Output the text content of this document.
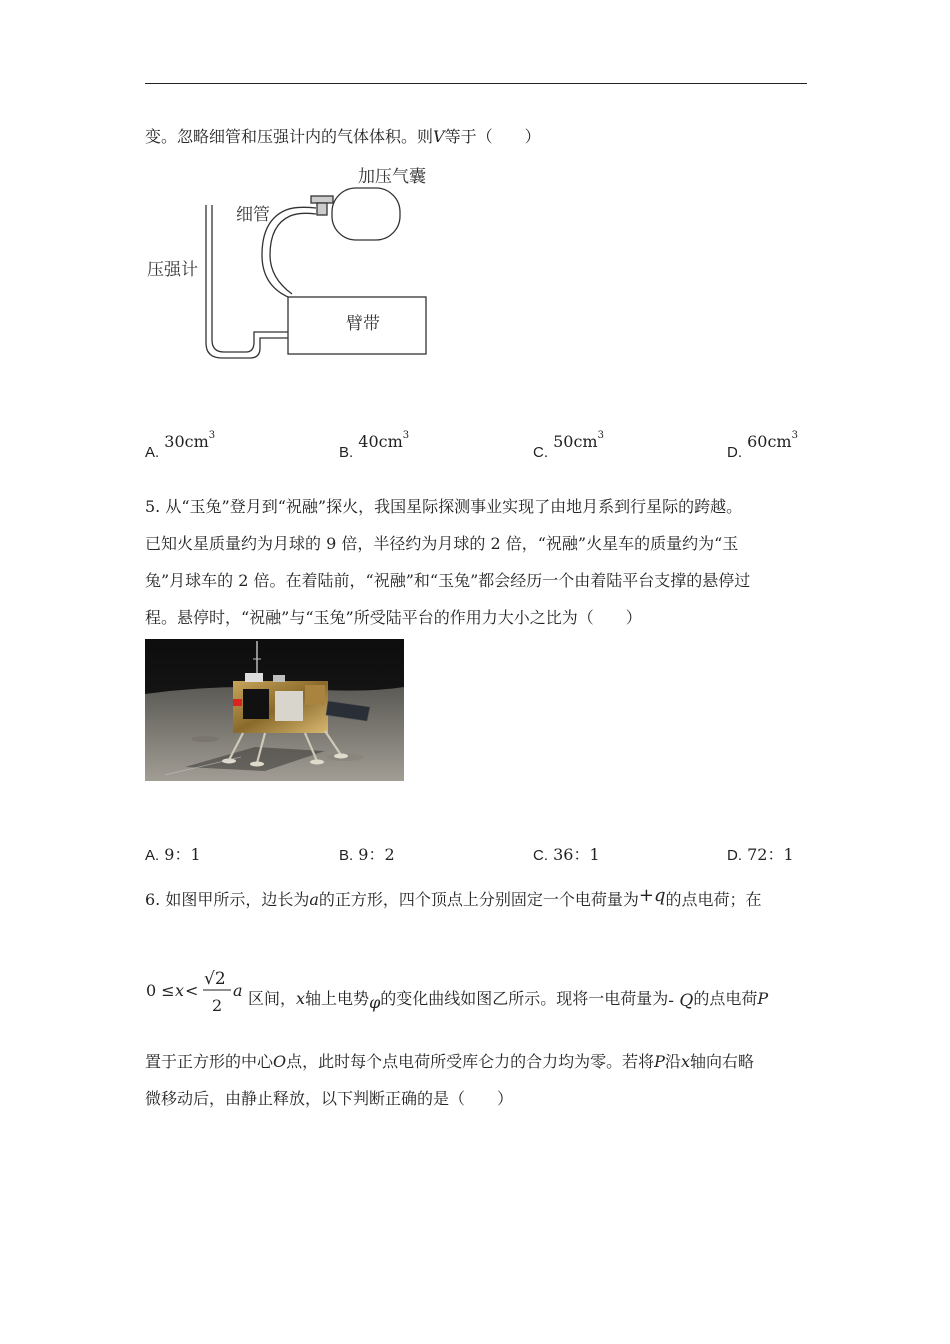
变。忽略细管和压强计内的气体体积。则V等于（　　）
加压气囊
细管
压强计
臂带
A. $30cm^3$
B. $40cm^3$
C. $50cm^3$
D. $60cm^3$
5. 从“玉兔”登月到“祝融”探火，我国星际探测事业实现了由地月系到行星际的跨越。
已知火星质量约为月球的 9 倍，半径约为月球的 2 倍，“祝融”火星车的质量约为“玉
兔”月球车的 2 倍。在着陆前，“祝融”和“玉兔”都会经历一个由着陆平台支撑的悬停过
程。悬停时，“祝融”与“玉兔”所受陆平台的作用力大小之比为（　　）
A. 9：1	B. 9：2	C. 36：1	D. 72：1
6. 如图甲所示，边长为a的正方形，四个顶点上分别固定一个电荷量为+q的点电荷；在
0 ≤ x <
√2
2
a 区间，x轴上电势φ的变化曲线如图乙所示。现将一电荷量为- Q的点电荷P
置于正方形的中心O点，此时每个点电荷所受库仑力的合力均为零。若将P沿x轴向右略
微移动后，由静止释放，以下判断正确的是（　　）
